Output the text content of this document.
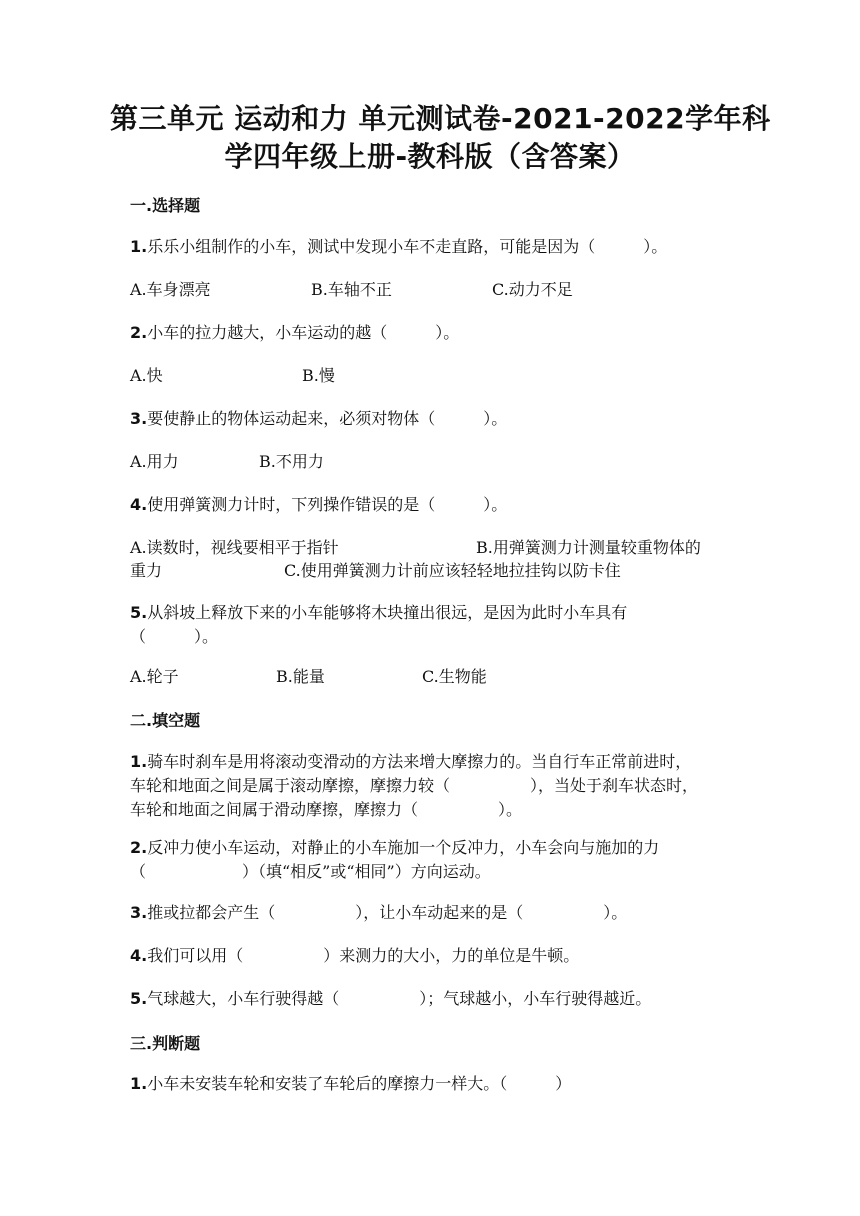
第三单元 运动和力 单元测试卷-2021-2022学年科
学四年级上册-教科版（含答案）
一.选择题
1.乐乐小组制作的小车，测试中发现小车不走直路，可能是因为（　　　）。
A.车身漂亮	B.车轴不正	C.动力不足
2.小车的拉力越大，小车运动的越（　　　）。
A.快	B.慢
3.要使静止的物体运动起来，必须对物体（　　　）。
A.用力	B.不用力
4.使用弹簧测力计时，下列操作错误的是（　　　）。
A.读数时，视线要相平于指针	B.用弹簧测力计测量较重物体的
重力	C.使用弹簧测力计前应该轻轻地拉挂钩以防卡住
5.从斜坡上释放下来的小车能够将木块撞出很远，是因为此时小车具有
（　　　）。
A.轮子	B.能量	C.生物能
二.填空题
1.骑车时刹车是用将滚动变滑动的方法来增大摩擦力的。当自行车正常前进时，
车轮和地面之间是属于滚动摩擦，摩擦力较（　　　　　），当处于刹车状态时，
车轮和地面之间属于滑动摩擦，摩擦力（　　　　　）。
2.反冲力使小车运动，对静止的小车施加一个反冲力，小车会向与施加的力
（　　　　　　）（填“相反”或“相同”）方向运动。
3.推或拉都会产生（　　　　　），让小车动起来的是（　　　　　）。
4.我们可以用（　　　　　）来测力的大小，力的单位是牛顿。
5.气球越大，小车行驶得越（　　　　　）；气球越小，小车行驶得越近。
三.判断题
1.小车未安装车轮和安装了车轮后的摩擦力一样大。（　　　）
